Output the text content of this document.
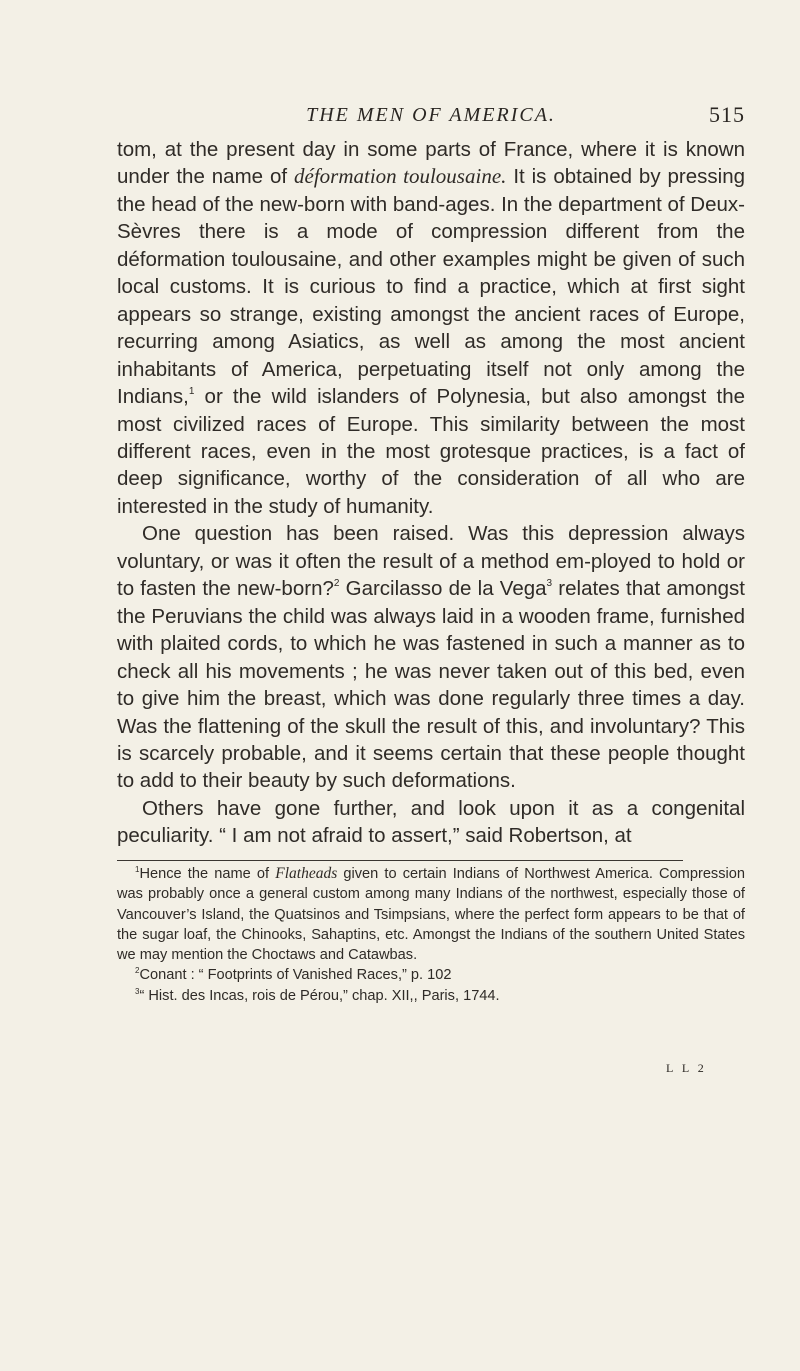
THE MEN OF AMERICA.	515

tom, at the present day in some parts of France, where it is known under the name of déformation toulousaine. It is obtained by pressing the head of the new-born with band-ages. In the department of Deux-Sèvres there is a mode of compression different from the déformation toulousaine, and other examples might be given of such local customs. It is curious to find a practice, which at first sight appears so strange, existing amongst the ancient races of Europe, recurring among Asiatics, as well as among the most ancient inhabitants of America, perpetuating itself not only among the Indians,$^1$ or the wild islanders of Polynesia, but also amongst the most civilized races of Europe. This similarity between the most different races, even in the most grotesque practices, is a fact of deep significance, worthy of the consideration of all who are interested in the study of humanity.

One question has been raised. Was this depression always voluntary, or was it often the result of a method em-ployed to hold or to fasten the new-born?$^2$ Garcilasso de la Vega$^3$ relates that amongst the Peruvians the child was always laid in a wooden frame, furnished with plaited cords, to which he was fastened in such a manner as to check all his movements ; he was never taken out of this bed, even to give him the breast, which was done regularly three times a day. Was the flattening of the skull the result of this, and involuntary? This is scarcely probable, and it seems certain that these people thought to add to their beauty by such deformations.

Others have gone further, and look upon it as a congenital peculiarity. “ I am not afraid to assert,” said Robertson, at

$^1$Hence the name of Flatheads given to certain Indians of Northwest America. Compression was probably once a general custom among many Indians of the northwest, especially those of Vancouver’s Island, the Quatsinos and Tsimpsians, where the perfect form appears to be that of the sugar loaf, the Chinooks, Sahaptins, etc. Amongst the Indians of the southern United States we may mention the Choctaws and Catawbas.

$^2$Conant : “ Footprints of Vanished Races,” p. 102

$^3$“ Hist. des Incas, rois de Pérou,” chap. XII,, Paris, 1744.

L L 2
